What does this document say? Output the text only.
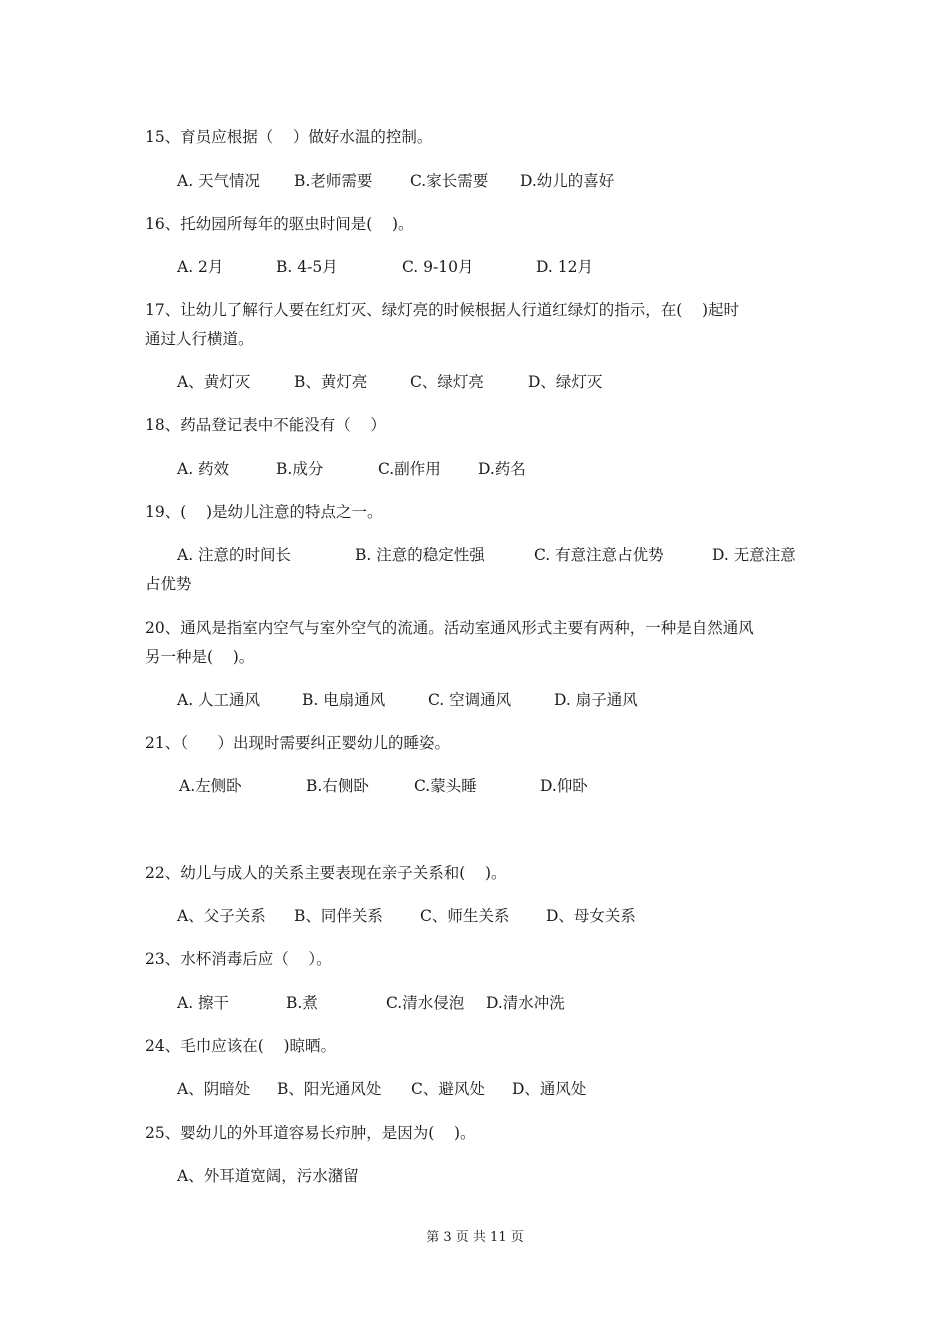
15、育员应根据（    ）做好水温的控制。
A. 天气情况 B.老师需要 C.家长需要 D.幼儿的喜好
16、托幼园所每年的驱虫时间是(    )。
A. 2月	B. 4-5月	C. 9-10月	D. 12月
17、让幼儿了解行人要在红灯灭、绿灯亮的时候根据人行道红绿灯的指示，在(    )起时
通过人行横道。
A、黄灯灭	B、黄灯亮	C、绿灯亮	D、绿灯灭
18、药品登记表中不能没有（    ）
A. 药效	B.成分	C.副作用 D.药名
19、(    )是幼儿注意的特点之一。
A. 注意的时间长	B. 注意的稳定性强	C. 有意注意占优势	D. 无意注意
占优势
20、通风是指室内空气与室外空气的流通。活动室通风形式主要有两种，一种是自然通风
另一种是(    )。
A. 人工通风	B. 电扇通风	C. 空调通风	D. 扇子通风
21、（      ）出现时需要纠正婴幼儿的睡姿。
A.左侧卧	B.右侧卧	C.蒙头睡	D.仰卧
22、幼儿与成人的关系主要表现在亲子关系和(    )。
A、父子关系 B、同伴关系 C、师生关系 D、母女关系
23、水杯消毒后应（    ）。
A. 擦干	B.煮	C.清水侵泡 D.清水冲洗
24、毛巾应该在(    )晾晒。
A、阴暗处 B、阳光通风处 C、避风处 D、通风处
25、婴幼儿的外耳道容易长疖肿，是因为(    )。
A、外耳道宽阔，污水潴留
第 3 页 共 11 页
